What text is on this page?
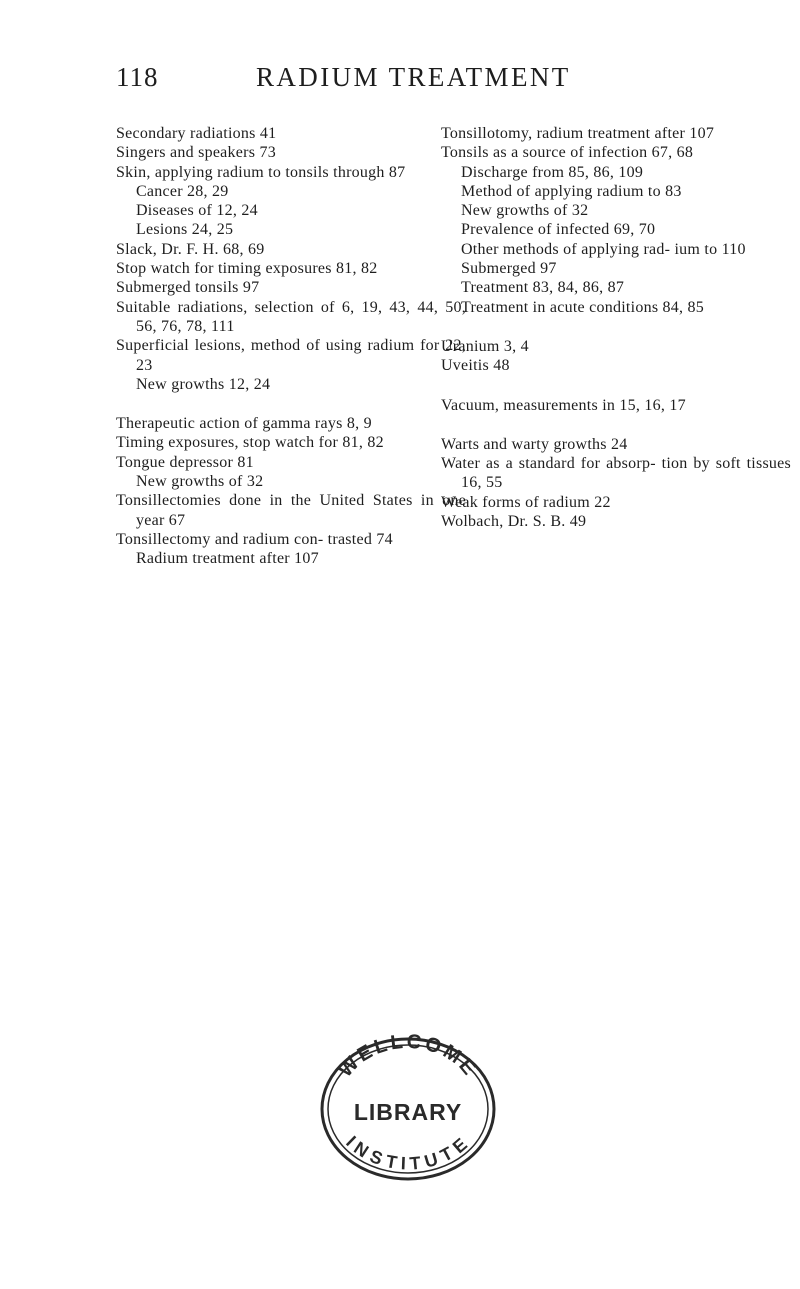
118	RADIUM TREATMENT
Secondary radiations 41
Singers and speakers 73
Skin, applying radium to tonsils through 87
Cancer 28, 29
Diseases of 12, 24
Lesions 24, 25
Slack, Dr. F. H. 68, 69
Stop watch for timing exposures 81, 82
Submerged tonsils 97
Suitable radiations, selection of 6, 19, 43, 44, 50, 56, 76, 78, 111
Superficial lesions, method of using radium for 22, 23
New growths 12, 24
Therapeutic action of gamma rays 8, 9
Timing exposures, stop watch for 81, 82
Tongue depressor 81
New growths of 32
Tonsillectomies done in the United States in one year 67
Tonsillectomy and radium con- trasted 74
Radium treatment after 107
Tonsillotomy, radium treatment after 107
Tonsils as a source of infection 67, 68
Discharge from 85, 86, 109
Method of applying radium to 83
New growths of 32
Prevalence of infected 69, 70
Other methods of applying rad- ium to 110
Submerged 97
Treatment 83, 84, 86, 87
Treatment in acute conditions 84, 85
Uranium 3, 4
Uveitis 48
Vacuum, measurements in 15, 16, 17
Warts and warty growths 24
Water as a standard for absorp- tion by soft tissues 16, 55
Weak forms of radium 22
Wolbach, Dr. S. B. 49
WELLCOME
LIBRARY
INSTITUTE
